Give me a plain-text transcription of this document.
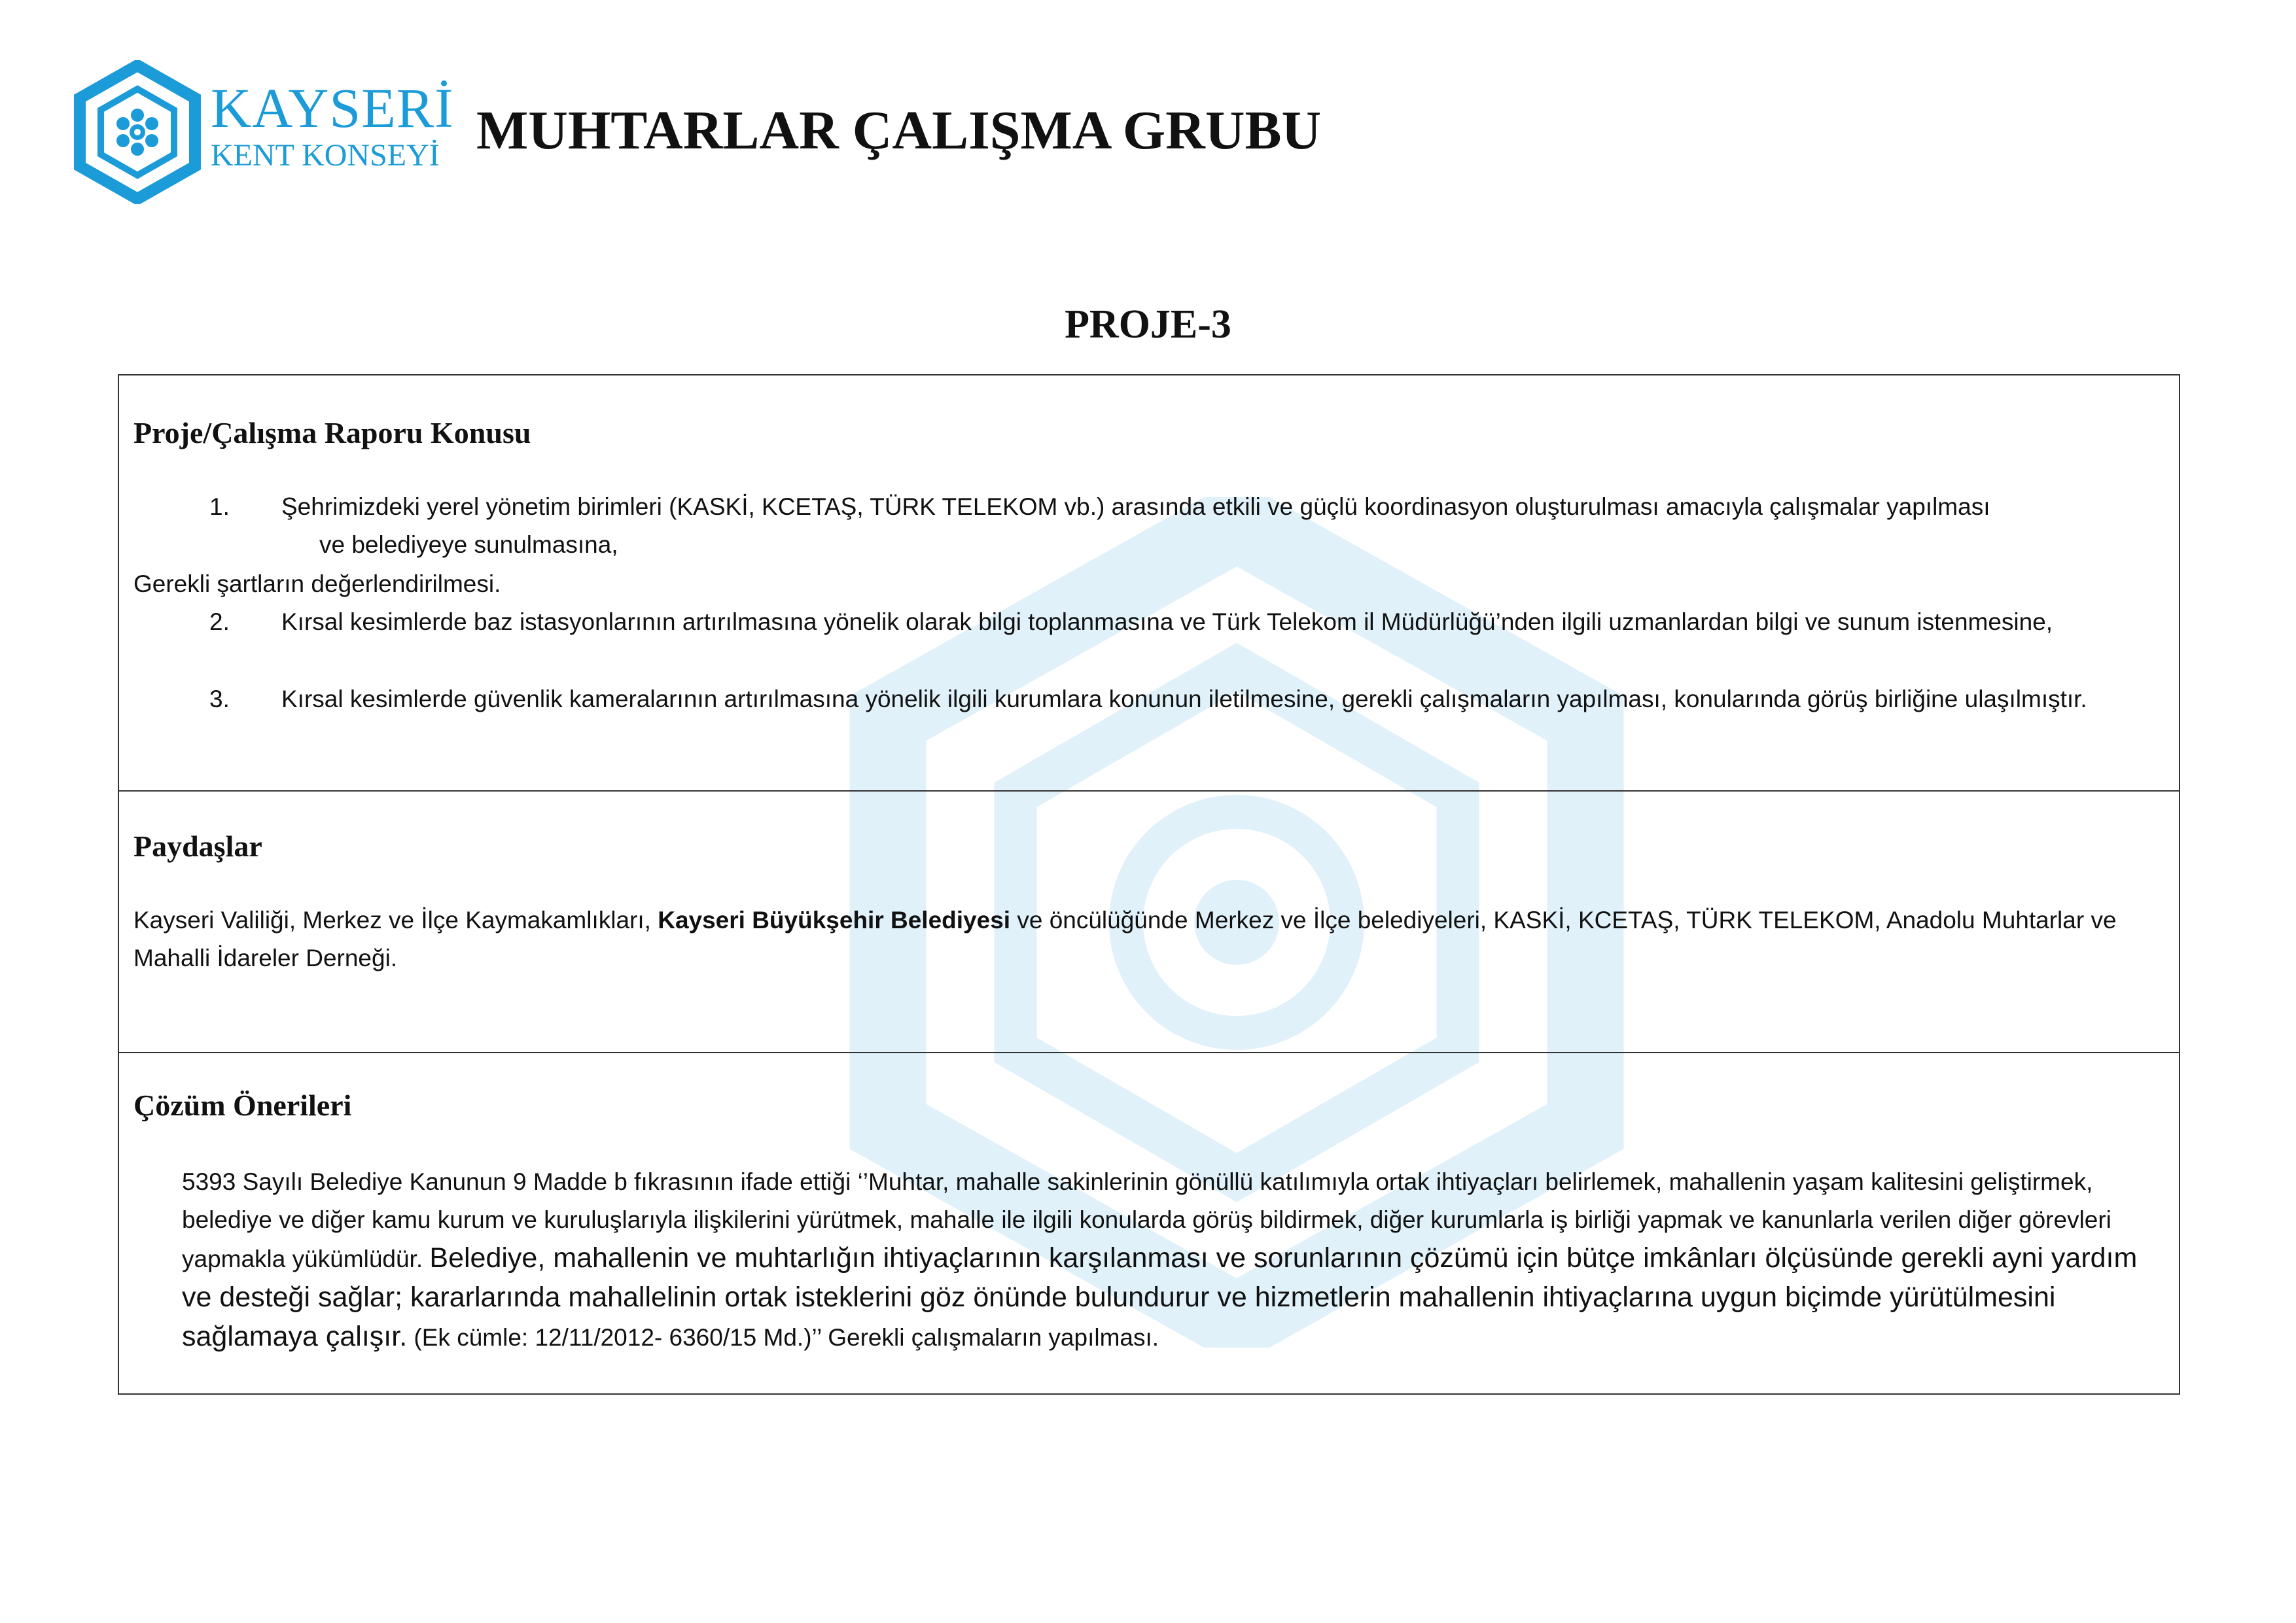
KAYSERİ
KENT KONSEYİ MUHTARLAR ÇALIŞMA GRUBU
PROJE-3
Proje/Çalışma Raporu Konusu
1. Şehrimizdeki yerel yönetim birimleri (KASKİ, KCETAŞ, TÜRK TELEKOM vb.) arasında etkili ve güçlü koordinasyon oluşturulması amacıyla çalışmalar yapılması
ve belediyeye sunulmasına,
Gerekli şartların değerlendirilmesi.
2. Kırsal kesimlerde baz istasyonlarının artırılmasına yönelik olarak bilgi toplanmasına ve Türk Telekom il Müdürlüğü’nden ilgili uzmanlardan bilgi ve sunum istenmesine,
3. Kırsal kesimlerde güvenlik kameralarının artırılmasına yönelik ilgili kurumlara konunun iletilmesine, gerekli çalışmaların yapılması, konularında görüş birliğine ulaşılmıştır.
Paydaşlar
Kayseri Valiliği, Merkez ve İlçe Kaymakamlıkları, Kayseri Büyükşehir Belediyesi ve öncülüğünde Merkez ve İlçe belediyeleri, KASKİ, KCETAŞ, TÜRK TELEKOM, Anadolu Muhtarlar ve Mahalli İdareler Derneği.
Çözüm Önerileri
5393 Sayılı Belediye Kanunun 9 Madde b fıkrasının ifade ettiği ‘’Muhtar, mahalle sakinlerinin gönüllü katılımıyla ortak ihtiyaçları belirlemek, mahallenin yaşam kalitesini geliştirmek, belediye ve diğer kamu kurum ve kuruluşlarıyla ilişkilerini yürütmek, mahalle ile ilgili konularda görüş bildirmek, diğer kurumlarla iş birliği yapmak ve kanunlarla verilen diğer görevleri yapmakla yükümlüdür. Belediye, mahallenin ve muhtarlığın ihtiyaçlarının karşılanması ve sorunlarının çözümü için bütçe imkânları ölçüsünde gerekli ayni yardım ve desteği sağlar; kararlarında mahallelinin ortak isteklerini göz önünde bulundurur ve hizmetlerin mahallenin ihtiyaçlarına uygun biçimde yürütülmesini sağlamaya çalışır. (Ek cümle: 12/11/2012- 6360/15 Md.)’’ Gerekli çalışmaların yapılması.
